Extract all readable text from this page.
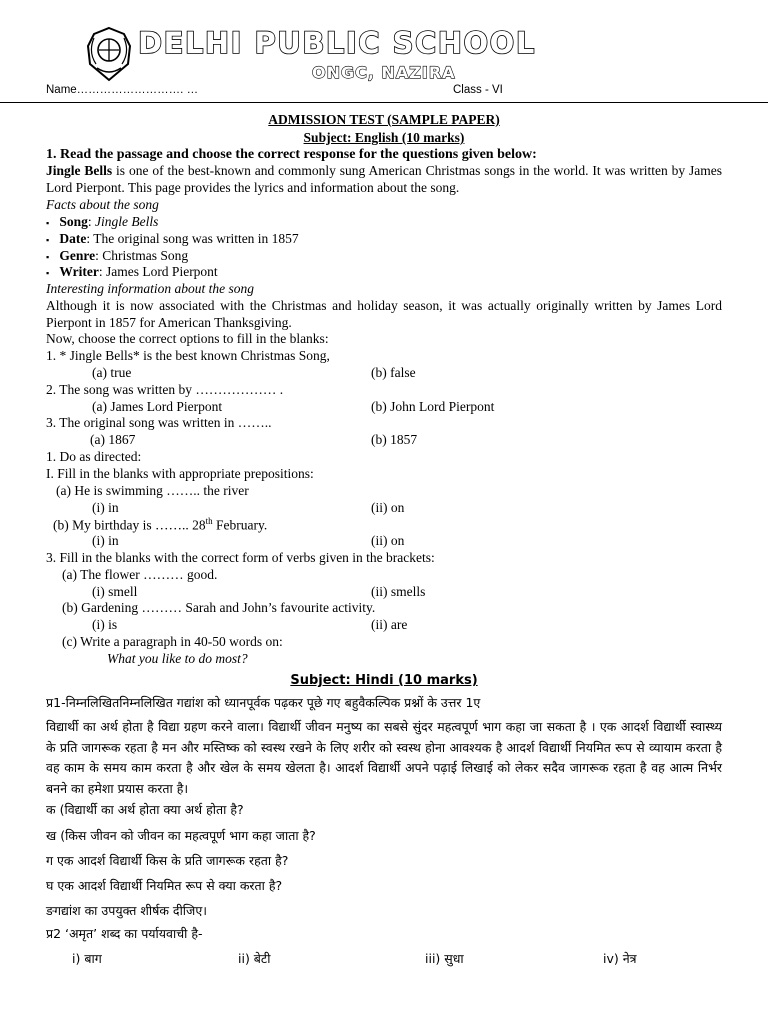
DELHI PUBLIC SCHOOL
ONGC, NAZIRA
Name………………………. …	Class - VI
ADMISSION TEST (SAMPLE PAPER)
Subject: English (10 marks)
1. Read the passage and choose the correct response for the questions given below:
Jingle Bells is one of the best-known and commonly sung American Christmas songs in the world. It was written by James Lord Pierpont. This page provides the lyrics and information about the song.
Facts about the song
▪ Song: Jingle Bells
▪ Date: The original song was written in 1857
▪ Genre: Christmas Song
▪ Writer: James Lord Pierpont
Interesting information about the song
Although it is now associated with the Christmas and holiday season, it was actually originally written by James Lord Pierpont in 1857 for American Thanksgiving.
Now, choose the correct options to fill in the blanks:
1. * Jingle Bells* is the best known Christmas Song,
(a) true	(b) false
2. The song was written by ……………… .
(a) James Lord Pierpont	(b) John Lord Pierpont
3. The original song was written in ……..
(a) 1867	(b) 1857
1. Do as directed:
I. Fill in the blanks with appropriate prepositions:
(a) He is swimming …….. the river
(i) in	(ii) on
(b) My birthday is …….. 28th February.
(i) in	(ii) on
3. Fill in the blanks with the correct form of verbs given in the brackets:
(a) The flower ……… good.
(i) smell	(ii) smells
(b) Gardening ……… Sarah and John’s favourite activity.
(i) is	(ii) are
(c) Write a paragraph in 40-50 words on:
What you like to do most?
Subject: Hindi (10 marks)
प्र1-निम्नलिखितनिम्नलिखित गद्यांश को ध्यानपूर्वक पढ़कर पूछे गए बहुवैकल्पिक प्रश्नों के उत्तर 1ए
विद्यार्थी का अर्थ होता है विद्या ग्रहण करने वाला। विद्यार्थी जीवन मनुष्य का सबसे सुंदर महत्वपूर्ण भाग कहा जा सकता है । एक आदर्श विद्यार्थी स्वास्थ्य के प्रति जागरूक रहता है मन और मस्तिष्क को स्वस्थ रखने के लिए शरीर को स्वस्थ होना आवश्यक है आदर्श विद्यार्थी नियमित रूप से व्यायाम करता है वह काम के समय काम करता है और खेल के समय खेलता है। आदर्श विद्यार्थी अपने पढ़ाई लिखाई को लेकर सदैव जागरूक रहता है वह आत्म निर्भर बनने का हमेशा प्रयास करता है।
क (विद्यार्थी का अर्थ होता क्या अर्थ होता है?
ख (किस जीवन को जीवन का महत्वपूर्ण भाग कहा जाता है?
ग एक आदर्श विद्यार्थी किस के प्रति जागरूक रहता है?
घ एक आदर्श विद्यार्थी नियमित रूप से क्या करता है?
ङगद्यांश का उपयुक्त शीर्षक दीजिए।
प्र2 ‘अमृत’ शब्द का पर्यायवाची है-
i) बाग	ii) बेटी	iii) सुधा	iv) नेत्र
